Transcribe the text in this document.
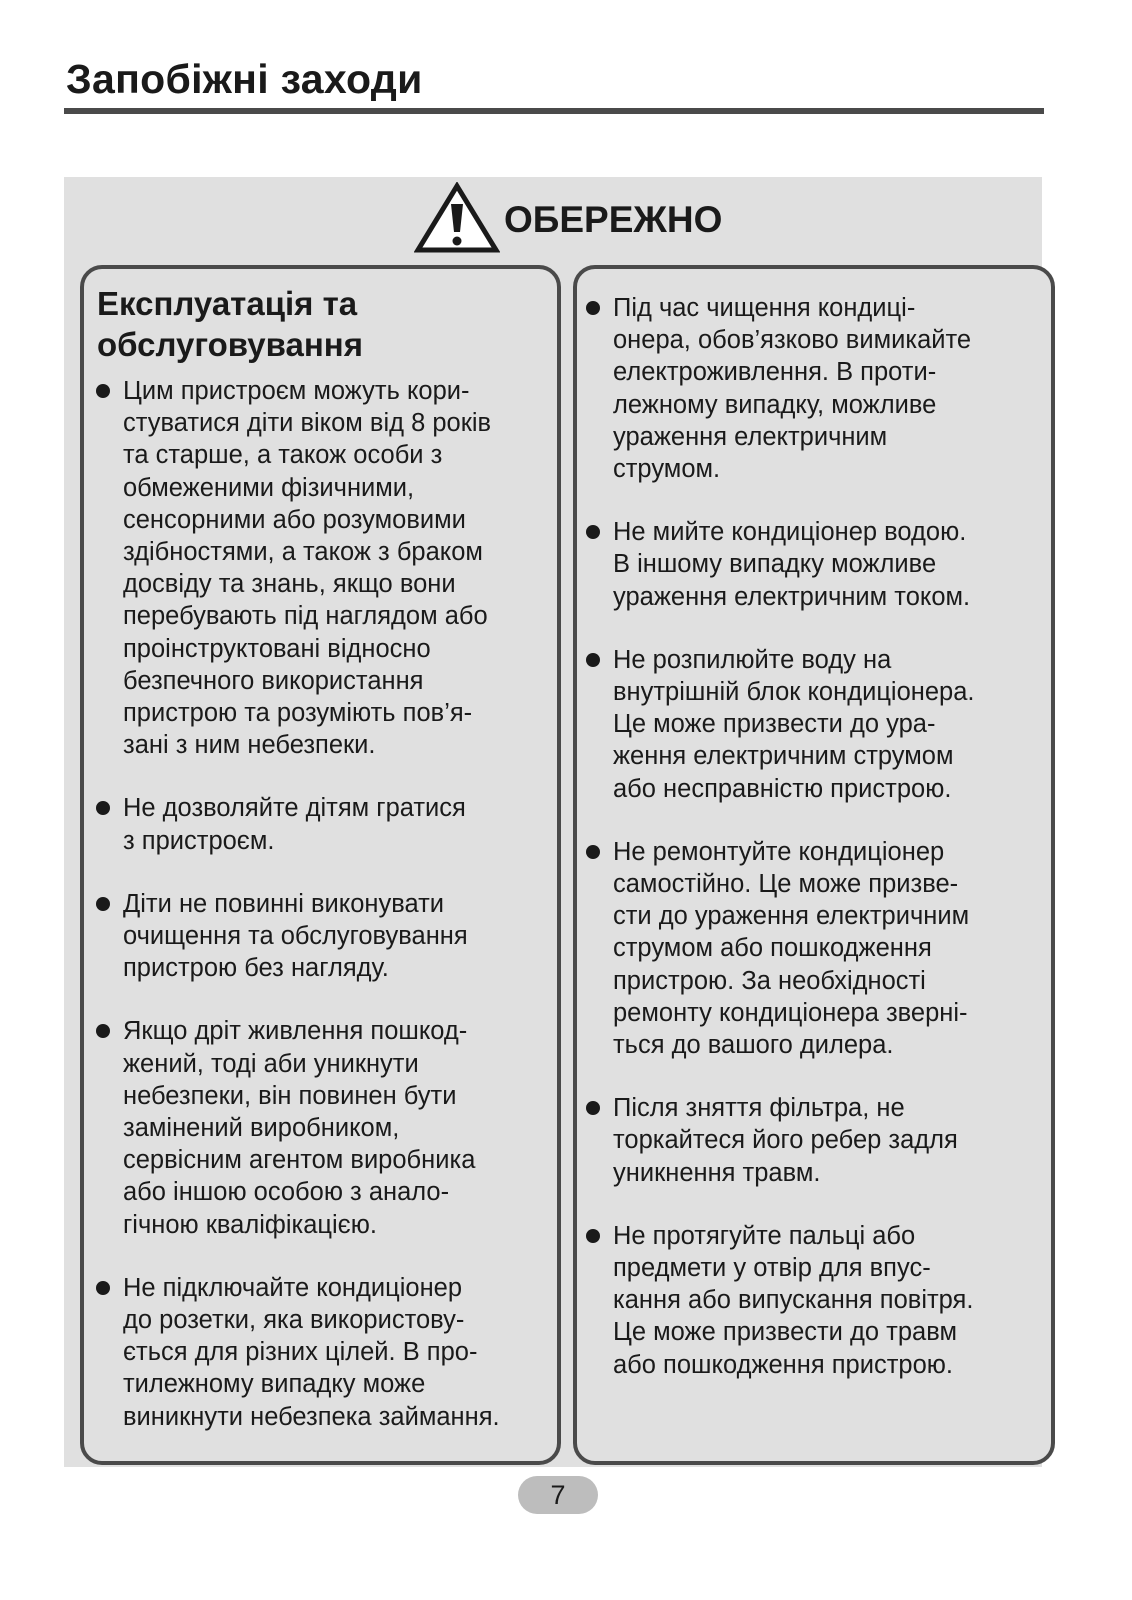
Запобіжні заходи
ОБЕРЕЖНО
Експлуатація та
обслуговування
Цим пристроєм можуть кори-
стуватися діти віком від 8 років
та старше, а також особи з
обмеженими фізичними,
сенсорними або розумовими
здібностями, а також з браком
досвіду та знань, якщо вони
перебувають під наглядом або
проінструктовані відносно
безпечного використання
пристрою та розуміють пов’я-
зані з ним небезпеки.
Не дозволяйте дітям гратися
з пристроєм.
Діти не повинні виконувати
очищення та обслуговування
пристрою без нагляду.
Якщо дріт живлення пошкод-
жений, тоді аби уникнути
небезпеки, він повинен бути
замінений виробником,
сервісним агентом виробника
або іншою особою з анало-
гічною кваліфікацією.
Не підключайте кондиціонер
до розетки, яка використову-
ється для різних цілей. В про-
тилежному випадку може
виникнути небезпека займання.
Під час чищення кондиці-
онера, обов’язково вимикайте
електроживлення. В проти-
лежному випадку, можливе
ураження електричним
струмом.
Не мийте кондиціонер водою.
В іншому випадку можливе
ураження електричним током.
Не розпилюйте воду на
внутрішній блок кондиціонера.
Це може призвести до ура-
ження електричним струмом
або несправністю пристрою.
Не ремонтуйте кондиціонер
самостійно. Це може призве-
сти до ураження електричним
струмом або пошкодження
пристрою. За необхідності
ремонту кондиціонера зверні-
ться до вашого дилера.
Після зняття фільтра, не
торкайтеся його ребер задля
уникнення травм.
Не протягуйте пальці або
предмети у отвір для впус-
кання або випускання повітря.
Це може призвести до травм
або пошкодження пристрою.
7
